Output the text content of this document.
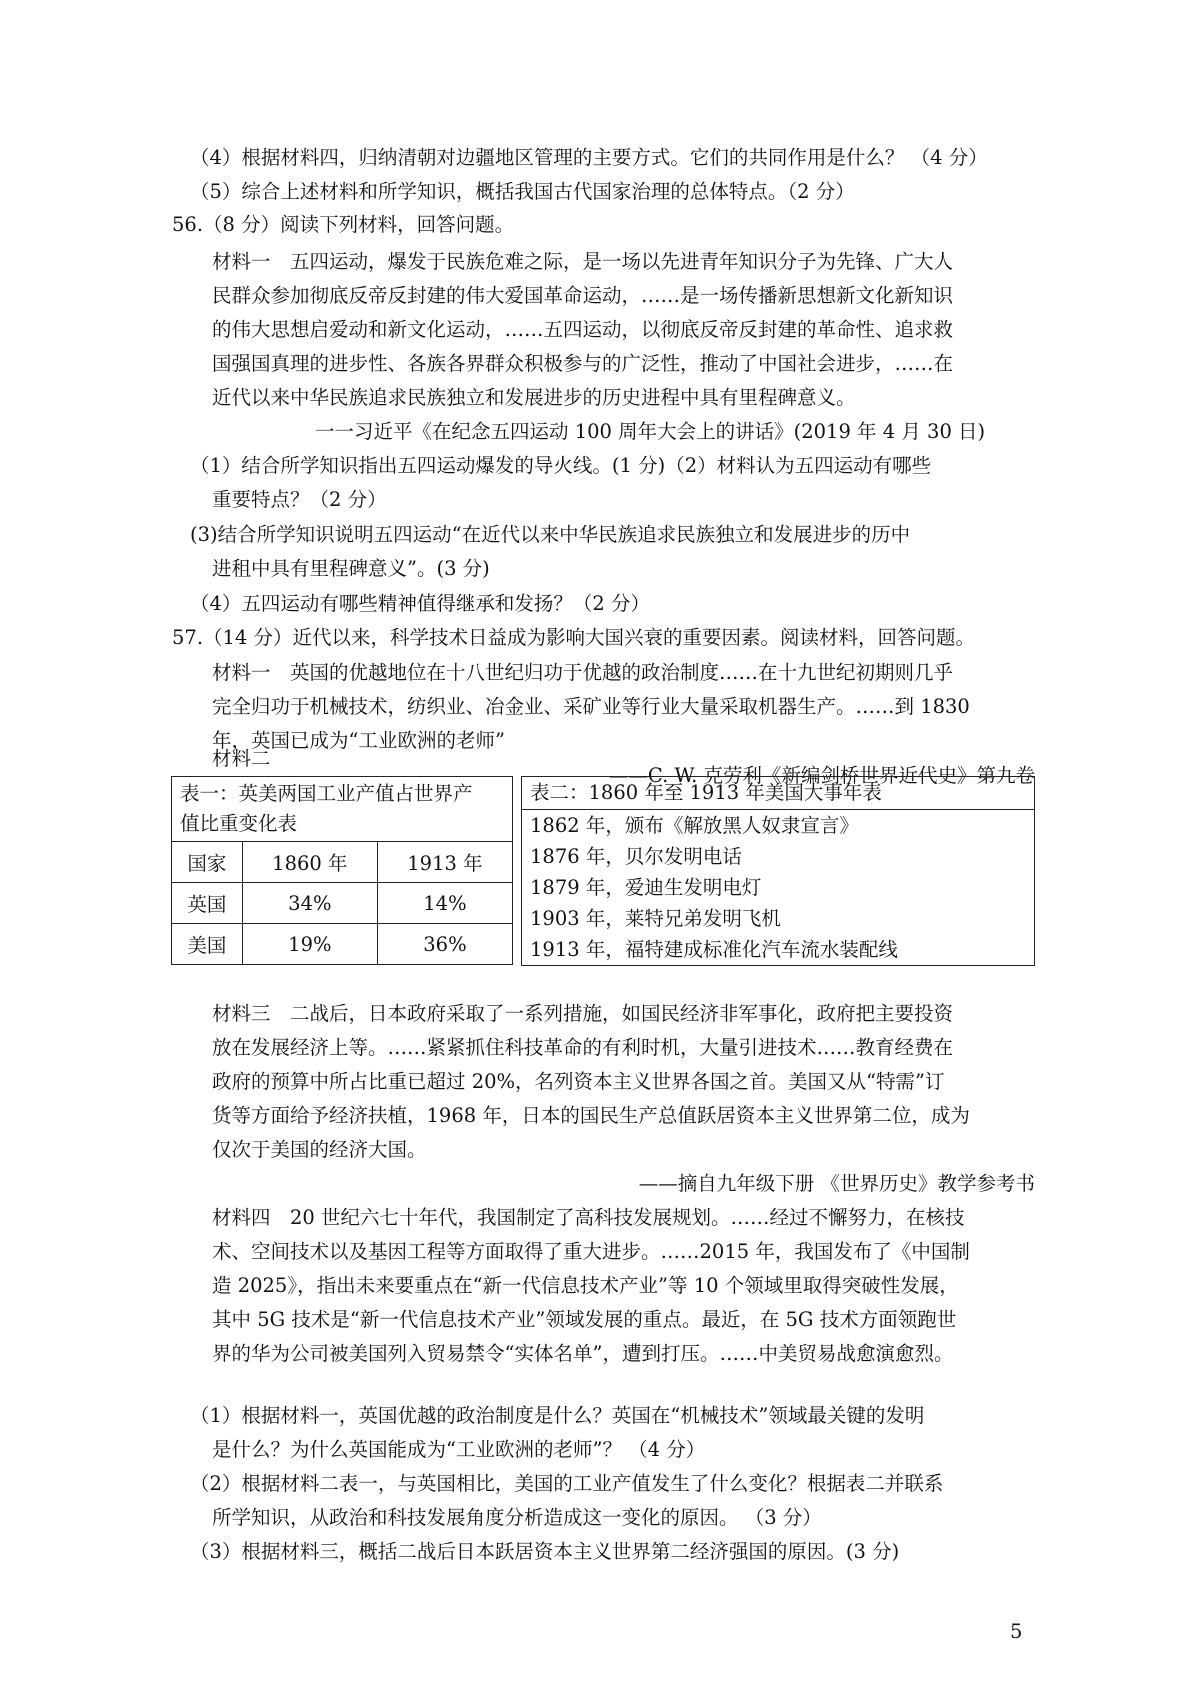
（4）根据材料四，归纳清朝对边疆地区管理的主要方式。它们的共同作用是什么？ （4 分）
（5）综合上述材料和所学知识，概括我国古代国家治理的总体特点。（2 分）
56.（8 分）阅读下列材料，回答问题。
材料一　五四运动，爆发于民族危难之际，是一场以先进青年知识分子为先锋、广大人
民群众参加彻底反帝反封建的伟大爱国革命运动，……是一场传播新思想新文化新知识
的伟大思想启爱动和新文化运动，……五四运动，以彻底反帝反封建的革命性、追求救
国强国真理的进步性、各族各界群众积极参与的广泛性，推动了中国社会进步，……在
近代以来中华民族追求民族独立和发展进步的历史进程中具有里程碑意义。
一一习近平《在纪念五四运动 100 周年大会上的讲话》(2019 年 4 月 30 日)
（1）结合所学知识指出五四运动爆发的导火线。(1 分)（2）材料认为五四运动有哪些
重要特点？（2 分）
(3)结合所学知识说明五四运动“在近代以来中华民族追求民族独立和发展进步的历中
进租中具有里程碑意义”。(3 分)
（4）五四运动有哪些精神值得继承和发扬？（2 分）
57.（14 分）近代以来，科学技术日益成为影响大国兴衰的重要因素。阅读材料，回答问题。
材料一　英国的优越地位在十八世纪归功于优越的政治制度……在十九世纪初期则几乎
完全归功于机械技术，纺织业、冶金业、采矿业等行业大量采取机器生产。……到 1830
年，英国已成为“工业欧洲的老师”
——C. W. 克劳利《新编剑桥世界近代史》第九卷
材料二
表一：英美两国工业产值占世界产
值比重变化表		

国家	1860 年	1913 年
英国	34%	14%
美国	19%	36%
表二：1860 年至 1913 年美国大事年表
1862 年，颁布《解放黑人奴隶宣言》
1876 年，贝尔发明电话
1879 年，爱迪生发明电灯
1903 年，莱特兄弟发明飞机
1913 年，福特建成标准化汽车流水装配线
材料三　二战后，日本政府采取了一系列措施，如国民经济非军事化，政府把主要投资
放在发展经济上等。……紧紧抓住科技革命的有利时机，大量引进技术……教育经费在
政府的预算中所占比重已超过 20%，名列资本主义世界各国之首。美国又从“特需”订
货等方面给予经济扶植，1968 年，日本的国民生产总值跃居资本主义世界第二位，成为
仅次于美国的经济大国。
——摘自九年级下册 《世界历史》教学参考书
材料四　20 世纪六七十年代，我国制定了高科技发展规划。……经过不懈努力，在核技
术、空间技术以及基因工程等方面取得了重大进步。……2015 年，我国发布了《中国制
造 2025》，指出未来要重点在“新一代信息技术产业”等 10 个领域里取得突破性发展，
其中 5G 技术是“新一代信息技术产业”领域发展的重点。最近，在 5G 技术方面领跑世
界的华为公司被美国列入贸易禁令“实体名单”，遭到打压。……中美贸易战愈演愈烈。
（1）根据材料一，英国优越的政治制度是什么？英国在“机械技术”领域最关键的发明
是什么？为什么英国能成为“工业欧洲的老师”？ （4 分）
（2）根据材料二表一，与英国相比，美国的工业产值发生了什么变化？根据表二并联系
所学知识，从政治和科技发展角度分析造成这一变化的原因。 （3 分）
（3）根据材料三，概括二战后日本跃居资本主义世界第二经济强国的原因。(3 分)
5
